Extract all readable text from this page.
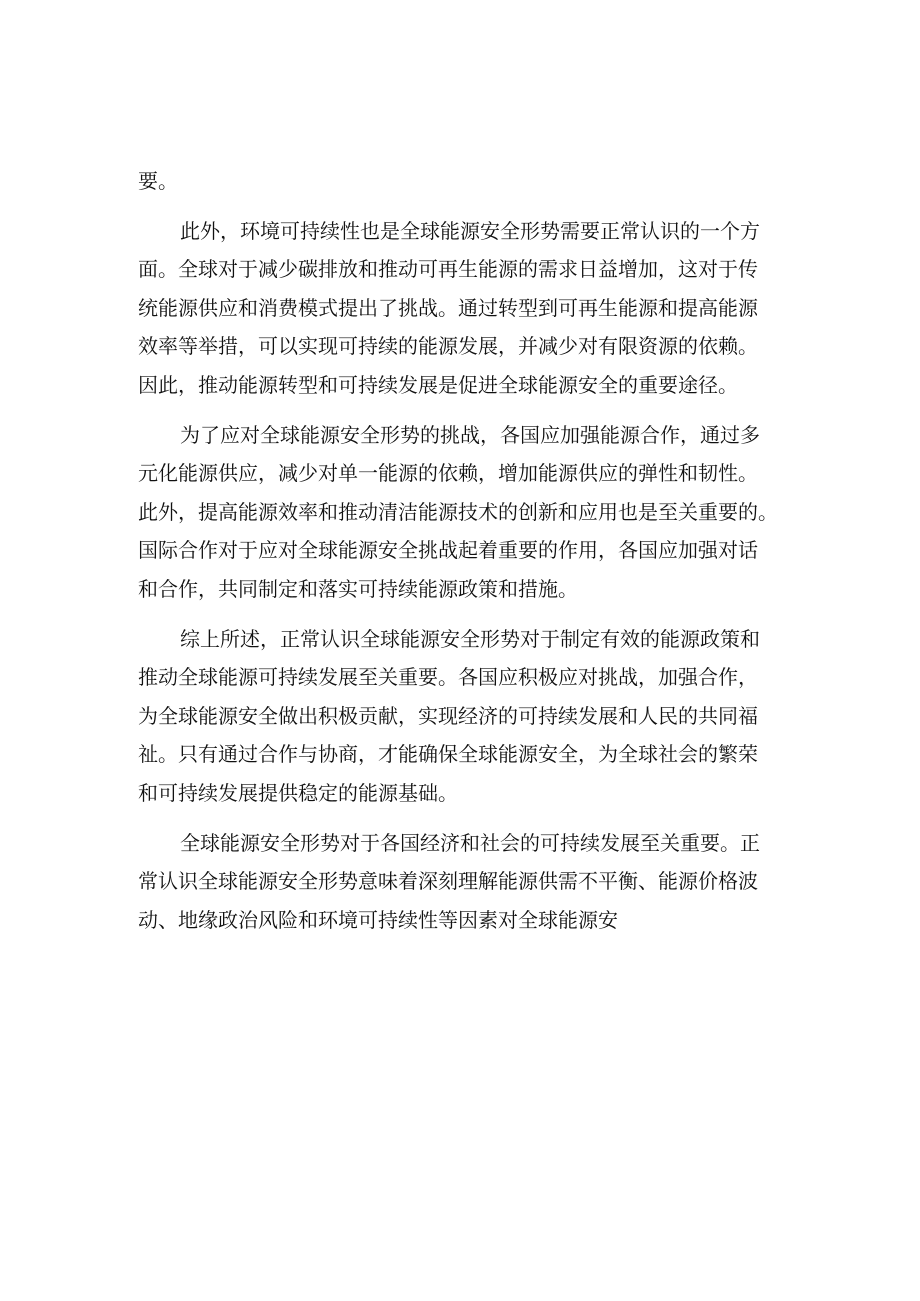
要。
此外，环境可持续性也是全球能源安全形势需要正常认识的一个方
面。全球对于减少碳排放和推动可再生能源的需求日益增加，这对于传
统能源供应和消费模式提出了挑战。通过转型到可再生能源和提高能源
效率等举措，可以实现可持续的能源发展，并减少对有限资源的依赖。
因此，推动能源转型和可持续发展是促进全球能源安全的重要途径。
为了应对全球能源安全形势的挑战，各国应加强能源合作，通过多
元化能源供应，减少对单一能源的依赖，增加能源供应的弹性和韧性。
此外，提高能源效率和推动清洁能源技术的创新和应用也是至关重要的。
国际合作对于应对全球能源安全挑战起着重要的作用，各国应加强对话
和合作，共同制定和落实可持续能源政策和措施。
综上所述，正常认识全球能源安全形势对于制定有效的能源政策和
推动全球能源可持续发展至关重要。各国应积极应对挑战，加强合作，
为全球能源安全做出积极贡献，实现经济的可持续发展和人民的共同福
祉。只有通过合作与协商，才能确保全球能源安全，为全球社会的繁荣
和可持续发展提供稳定的能源基础。
全球能源安全形势对于各国经济和社会的可持续发展至关重要。正
常认识全球能源安全形势意味着深刻理解能源供需不平衡、能源价格波
动、地缘政治风险和环境可持续性等因素对全球能源安
